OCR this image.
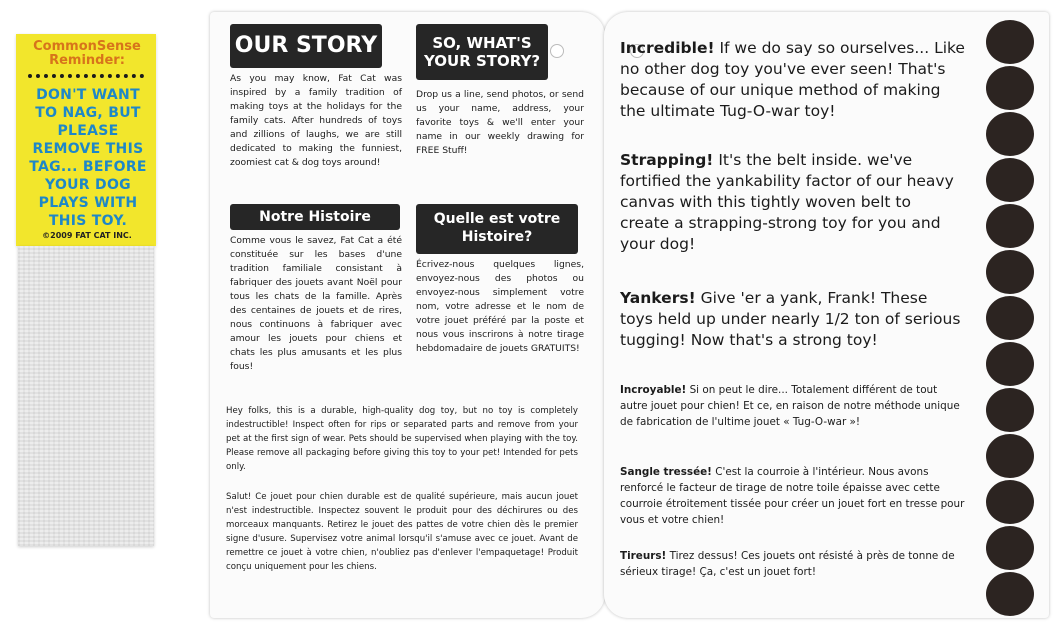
CommonSense Reminder:
DON'T WANT TO NAG, BUT PLEASE REMOVE THIS TAG... BEFORE YOUR DOG PLAYS WITH THIS TOY.
©2009 FAT CAT INC.
OUR STORY
As you may know, Fat Cat was inspired by a family tradition of making toys at the holidays for the family cats. After hundreds of toys and zillions of laughs, we are still dedicated to making the funniest, zoomiest cat & dog toys around!
SO, WHAT'S YOUR STORY?
Drop us a line, send photos, or send us your name, address, your favorite toys & we'll enter your name in our weekly drawing for FREE Stuff!
Notre Histoire
Comme vous le savez, Fat Cat a été constituée sur les bases d'une tradition familiale consistant à fabriquer des jouets avant Noël pour tous les chats de la famille. Après des centaines de jouets et de rires, nous continuons à fabriquer avec amour les jouets pour chiens et chats les plus amusants et les plus fous!
Quelle est votre Histoire?
Écrivez-nous quelques lignes, envoyez-nous des photos ou envoyez-nous simplement votre nom, votre adresse et le nom de votre jouet préféré par la poste et nous vous inscrirons à notre tirage hebdomadaire de jouets GRATUITS!
Hey folks, this is a durable, high-quality dog toy, but no toy is completely indestructible! Inspect often for rips or separated parts and remove from your pet at the first sign of wear. Pets should be supervised when playing with the toy. Please remove all packaging before giving this toy to your pet! Intended for pets only.
Salut! Ce jouet pour chien durable est de qualité supérieure, mais aucun jouet n'est indestructible. Inspectez souvent le produit pour des déchirures ou des morceaux manquants. Retirez le jouet des pattes de votre chien dès le premier signe d'usure. Supervisez votre animal lorsqu'il s'amuse avec ce jouet. Avant de remettre ce jouet à votre chien, n'oubliez pas d'enlever l'empaquetage! Produit conçu uniquement pour les chiens.
Incredible! If we do say so ourselves... Like no other dog toy you've ever seen! That's because of our unique method of making the ultimate Tug-O-war toy!
Strapping! It's the belt inside. we've fortified the yankability factor of our heavy canvas with this tightly woven belt to create a strapping-strong toy for you and your dog!
Yankers! Give 'er a yank, Frank! These toys held up under nearly 1/2 ton of serious tugging! Now that's a strong toy!
Incroyable! Si on peut le dire... Totalement différent de tout autre jouet pour chien! Et ce, en raison de notre méthode unique de fabrication de l'ultime jouet « Tug-O-war »!
Sangle tressée! C'est la courroie à l'intérieur. Nous avons renforcé le facteur de tirage de notre toile épaisse avec cette courroie étroitement tissée pour créer un jouet fort en tresse pour vous et votre chien!
Tireurs! Tirez dessus! Ces jouets ont résisté à près de tonne de sérieux tirage! Ça, c'est un jouet fort!
